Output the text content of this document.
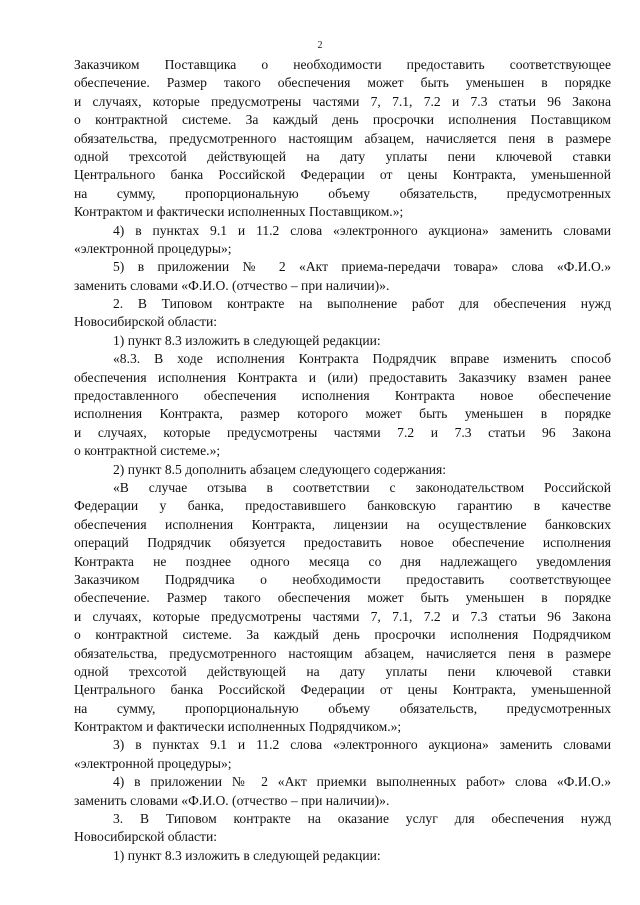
2
Заказчиком Поставщика о необходимости предоставить соответствующее
обеспечение. Размер такого обеспечения может быть уменьшен в порядке
и случаях, которые предусмотрены частями 7, 7.1, 7.2 и 7.3 статьи 96 Закона
о контрактной системе. За каждый день просрочки исполнения Поставщиком
обязательства, предусмотренного настоящим абзацем, начисляется пеня в размере
одной трехсотой действующей на дату уплаты пени ключевой ставки
Центрального банка Российской Федерации от цены Контракта, уменьшенной
на сумму, пропорциональную объему обязательств, предусмотренных
Контрактом и фактически исполненных Поставщиком.»;
4) в пунктах 9.1 и 11.2 слова «электронного аукциона» заменить словами
«электронной процедуры»;
5) в приложении № 2 «Акт приема-передачи товара» слова «Ф.И.О.»
заменить словами «Ф.И.О. (отчество – при наличии)».
2. В Типовом контракте на выполнение работ для обеспечения нужд
Новосибирской области:
1) пункт 8.3 изложить в следующей редакции:
«8.3. В ходе исполнения Контракта Подрядчик вправе изменить способ
обеспечения исполнения Контракта и (или) предоставить Заказчику взамен ранее
предоставленного обеспечения исполнения Контракта новое обеспечение
исполнения Контракта, размер которого может быть уменьшен в порядке
и случаях, которые предусмотрены частями 7.2 и 7.3 статьи 96 Закона
о контрактной системе.»;
2) пункт 8.5 дополнить абзацем следующего содержания:
«В случае отзыва в соответствии с законодательством Российской
Федерации у банка, предоставившего банковскую гарантию в качестве
обеспечения исполнения Контракта, лицензии на осуществление банковских
операций Подрядчик обязуется предоставить новое обеспечение исполнения
Контракта не позднее одного месяца со дня надлежащего уведомления
Заказчиком Подрядчика о необходимости предоставить соответствующее
обеспечение. Размер такого обеспечения может быть уменьшен в порядке
и случаях, которые предусмотрены частями 7, 7.1, 7.2 и 7.3 статьи 96 Закона
о контрактной системе. За каждый день просрочки исполнения Подрядчиком
обязательства, предусмотренного настоящим абзацем, начисляется пеня в размере
одной трехсотой действующей на дату уплаты пени ключевой ставки
Центрального банка Российской Федерации от цены Контракта, уменьшенной
на сумму, пропорциональную объему обязательств, предусмотренных
Контрактом и фактически исполненных Подрядчиком.»;
3) в пунктах 9.1 и 11.2 слова «электронного аукциона» заменить словами
«электронной процедуры»;
4) в приложении № 2 «Акт приемки выполненных работ» слова «Ф.И.О.»
заменить словами «Ф.И.О. (отчество – при наличии)».
3. В Типовом контракте на оказание услуг для обеспечения нужд
Новосибирской области:
1) пункт 8.3 изложить в следующей редакции:
